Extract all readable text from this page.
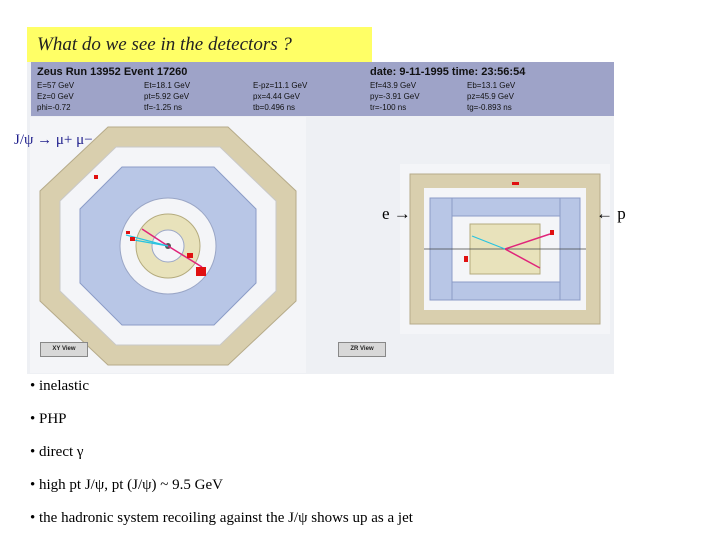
What do we see in the detectors ?
Zeus Run 13952 Event 17260	date: 9-11-1995 time: 23:56:54
E=57 GeV	Et=18.1 GeV	E-pz=11.1 GeV	Ef=43.9 GeV	Eb=13.1 GeV
Ez=0 GeV	pt=5.92 GeV	px=4.44 GeV	py=-3.91 GeV	pz=45.9 GeV
phi=-0.72	tf=-1.25 ns	tb=0.496 ns	tr=-100 ns	tg=-0.893 ns
J/ψ → μ+ μ−
e →	← p
XY View	ZR View
• inelastic
• PHP
• direct γ
• high pt J/ψ, pt (J/ψ) ~ 9.5 GeV
• the hadronic system recoiling against the J/ψ shows up as a jet
